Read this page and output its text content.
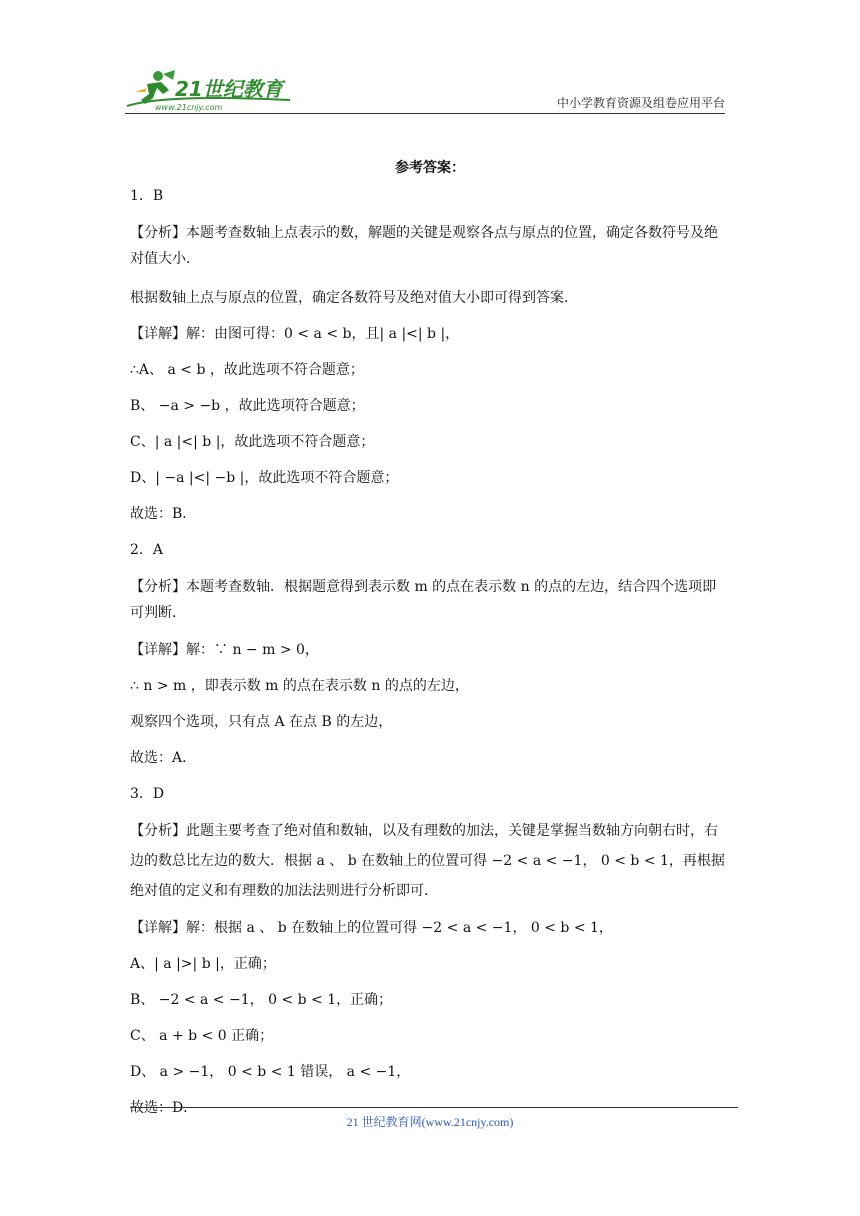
21世纪教育
www.21cnjy.com	中小学教育资源及组卷应用平台
参考答案：
1．B
【分析】本题考查数轴上点表示的数，解题的关键是观察各点与原点的位置，确定各数符号及绝对值大小．
根据数轴上点与原点的位置，确定各数符号及绝对值大小即可得到答案．
【详解】解：由图可得：0 < a < b，且| a |<| b |，
∴A、 a < b ，故此选项不符合题意；
B、 −a > −b ，故此选项符合题意；
C、| a |<| b |，故此选项不符合题意；
D、| −a |<| −b |，故此选项不符合题意；
故选：B．
2．A
【分析】本题考查数轴．根据题意得到表示数 m 的点在表示数 n 的点的左边，结合四个选项即可判断．
【详解】解：∵ n − m > 0，
∴ n > m ，即表示数 m 的点在表示数 n 的点的左边，
观察四个选项，只有点 A 在点 B 的左边，
故选：A．
3．D
【分析】此题主要考查了绝对值和数轴，以及有理数的加法，关键是掌握当数轴方向朝右时，右边的数总比左边的数大．根据 a 、 b 在数轴上的位置可得 −2 < a < −1， 0 < b < 1，再根据绝对值的定义和有理数的加法法则进行分析即可．
【详解】解：根据 a 、 b 在数轴上的位置可得 −2 < a < −1， 0 < b < 1，
A、| a |>| b |，正确；
B、 −2 < a < −1， 0 < b < 1，正确；
C、 a + b < 0 正确；
D、 a > −1， 0 < b < 1 错误， a < −1，
故选：D．
21 世纪教育网(www.21cnjy.com)
